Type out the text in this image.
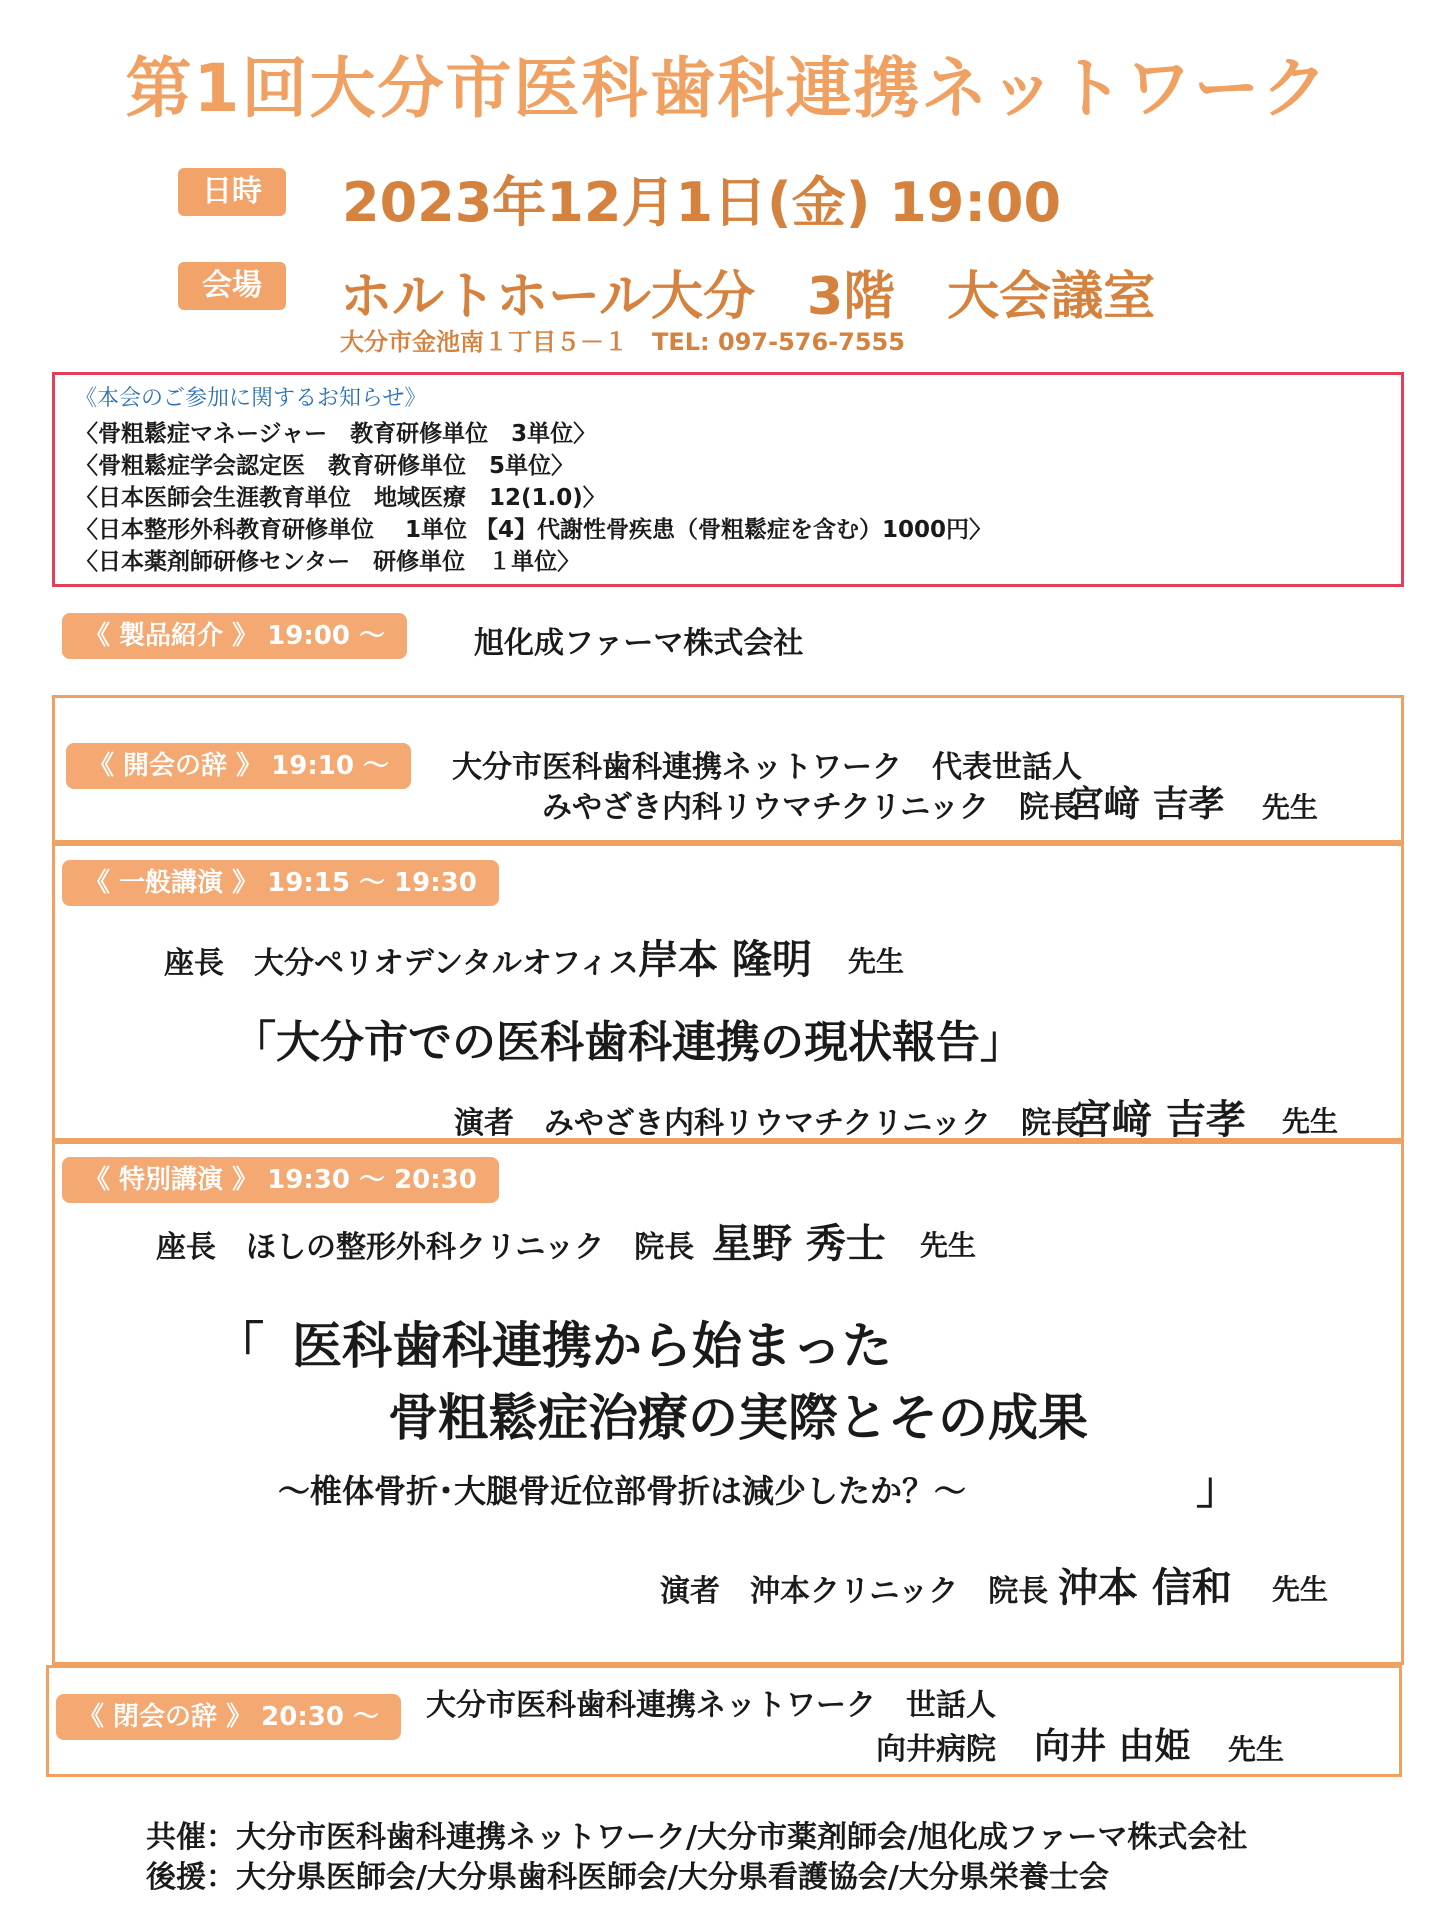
第1回大分市医科歯科連携ネットワーク
日時	2023年12月1日(金) 19:00
会場	ホルトホール大分　3階　大会議室
大分市金池南１丁目５－１　TEL: 097-576-7555
《本会のご参加に関するお知らせ》
〈骨粗鬆症マネージャー　教育研修単位　3単位〉
〈骨粗鬆症学会認定医　教育研修単位　5単位〉
〈日本医師会生涯教育単位　地域医療　12(1.0)〉
〈日本整形外科教育研修単位　 1単位 【4】代謝性骨疾患（骨粗鬆症を含む）1000円〉
〈日本薬剤師研修センター　研修単位　１単位〉
《 製品紹介 》 19:00 ～	旭化成ファーマ株式会社
《 開会の辞 》 19:10 ～	大分市医科歯科連携ネットワーク　代表世話人
みやざき内科リウマチクリニック　院長
宮﨑 吉孝 先生
《 一般講演 》 19:15 ～ 19:30
座長　大分ペリオデンタルオフィス 岸本 隆明 先生
「大分市での医科歯科連携の現状報告」
演者　みやざき内科リウマチクリニック　院長
宮﨑 吉孝 先生
《 特別講演 》 19:30 ～ 20:30
座長　ほしの整形外科クリニック　院長 星野 秀士 先生
「 医科歯科連携から始まった
骨粗鬆症治療の実際とその成果
～椎体骨折･大腿骨近位部骨折は減少したか？～	」
演者　沖本クリニック　院長 沖本 信和 先生
《 閉会の辞 》 20:30 ～	大分市医科歯科連携ネットワーク　世話人
向井病院 向井 由姫 先生
共催：大分市医科歯科連携ネットワーク/大分市薬剤師会/旭化成ファーマ株式会社
後援：大分県医師会/大分県歯科医師会/大分県看護協会/大分県栄養士会
